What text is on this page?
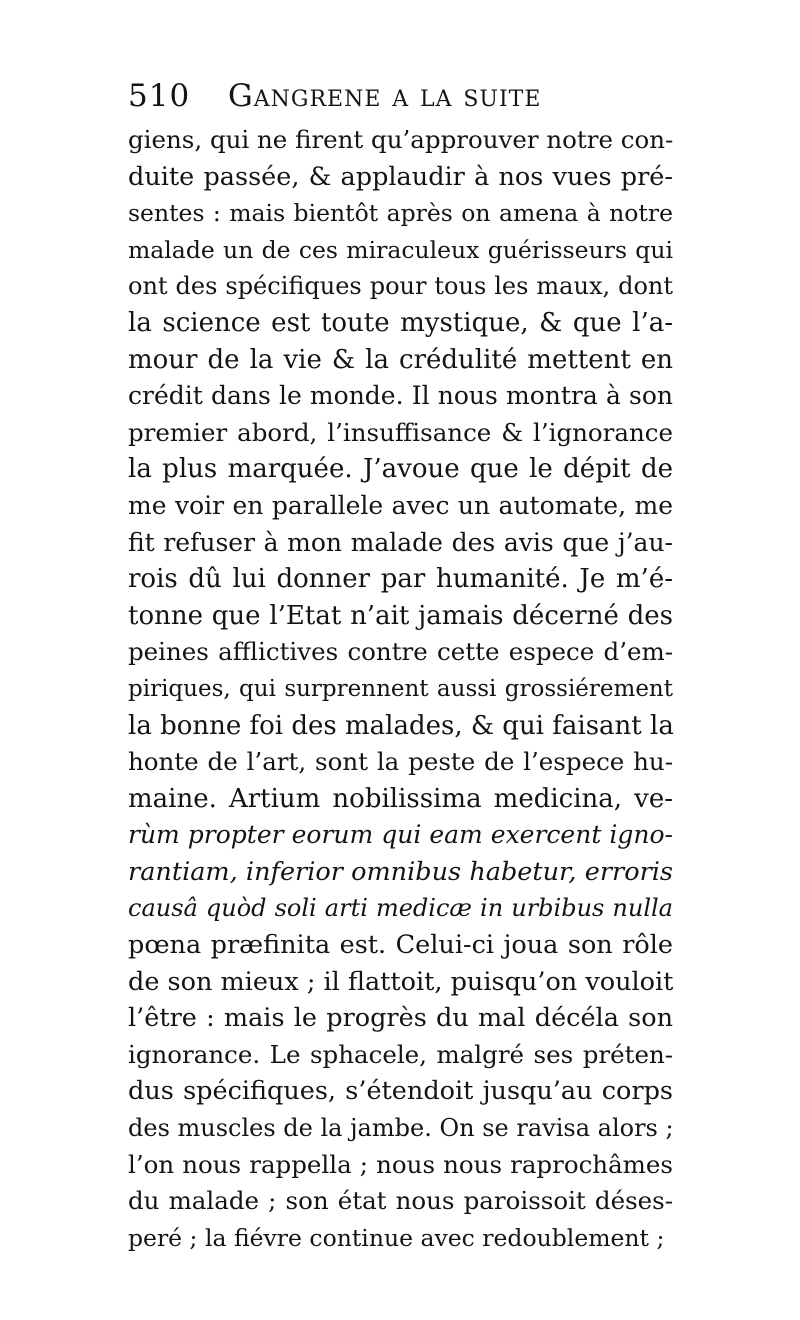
510 Gangrene a la suite
giens, qui ne firent qu’approuver notre con-
duite passée, & applaudir à nos vues pré-
sentes : mais bientôt après on amena à notre
malade un de ces miraculeux guérisseurs qui
ont des spécifiques pour tous les maux, dont
la science est toute mystique, & que l’a-
mour de la vie & la crédulité mettent en
crédit dans le monde. Il nous montra à son
premier abord, l’insuffisance & l’ignorance
la plus marquée. J’avoue que le dépit de
me voir en parallele avec un automate, me
fit refuser à mon malade des avis que j’au-
rois dû lui donner par humanité. Je m’é-
tonne que l’Etat n’ait jamais décerné des
peines afflictives contre cette espece d’em-
piriques, qui surprennent aussi grossiérement
la bonne foi des malades, & qui faisant la
honte de l’art, sont la peste de l’espece hu-
maine. Artium nobilissima medicina, ve-
rùm propter eorum qui eam exercent igno-
rantiam, inferior omnibus habetur, erroris
causâ quòd soli arti medicæ in urbibus nulla
pœna præfinita est. Celui-ci joua son rôle
de son mieux ; il flattoit, puisqu’on vouloit
l’être : mais le progrès du mal décéla son
ignorance. Le sphacele, malgré ses préten-
dus spécifiques, s’étendoit jusqu’au corps
des muscles de la jambe. On se ravisa alors ;
l’on nous rappella ; nous nous raprochâmes
du malade ; son état nous paroissoit déses-
peré ; la fiévre continue avec redoublement ;
